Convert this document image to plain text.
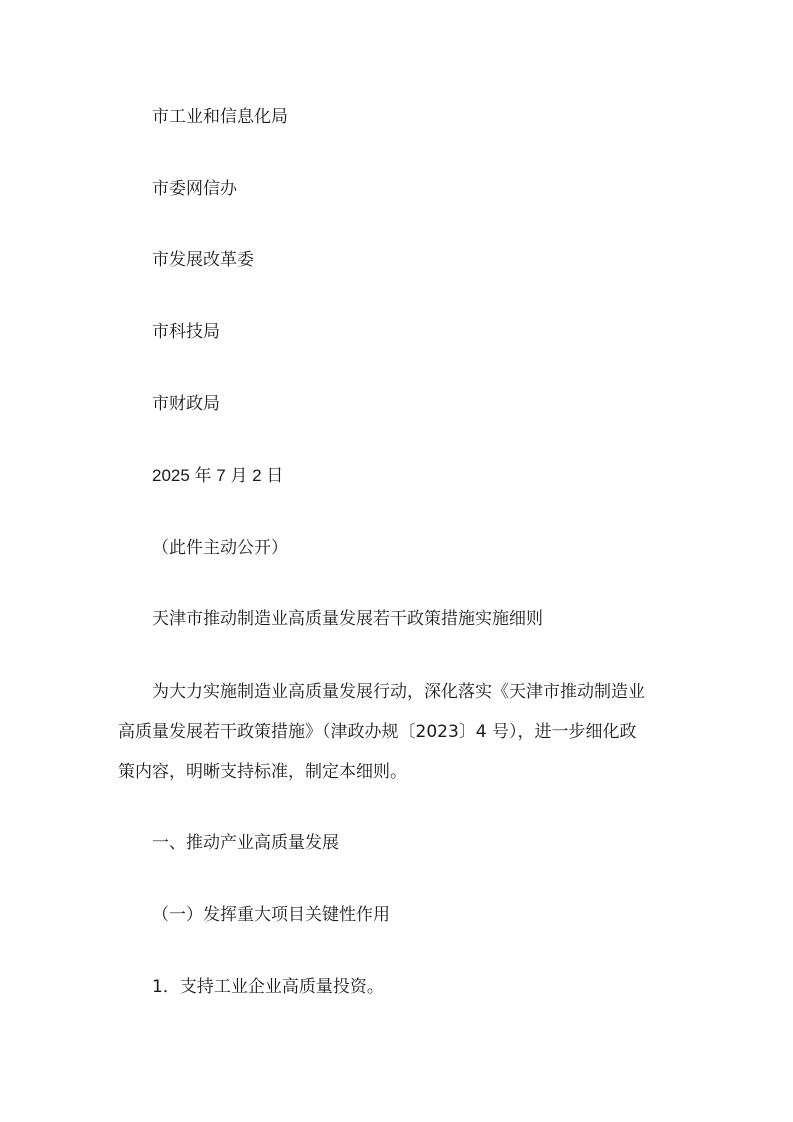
市工业和信息化局
市委网信办
市发展改革委
市科技局
市财政局
2025 年 7 月 2 日
（此件主动公开）
天津市推动制造业高质量发展若干政策措施实施细则
为大力实施制造业高质量发展行动，深化落实《天津市推动制造业
高质量发展若干政策措施》（津政办规〔2023〕4 号），进一步细化政
策内容，明晰支持标准，制定本细则。
一、推动产业高质量发展
（一）发挥重大项目关键性作用
1．支持工业企业高质量投资。
